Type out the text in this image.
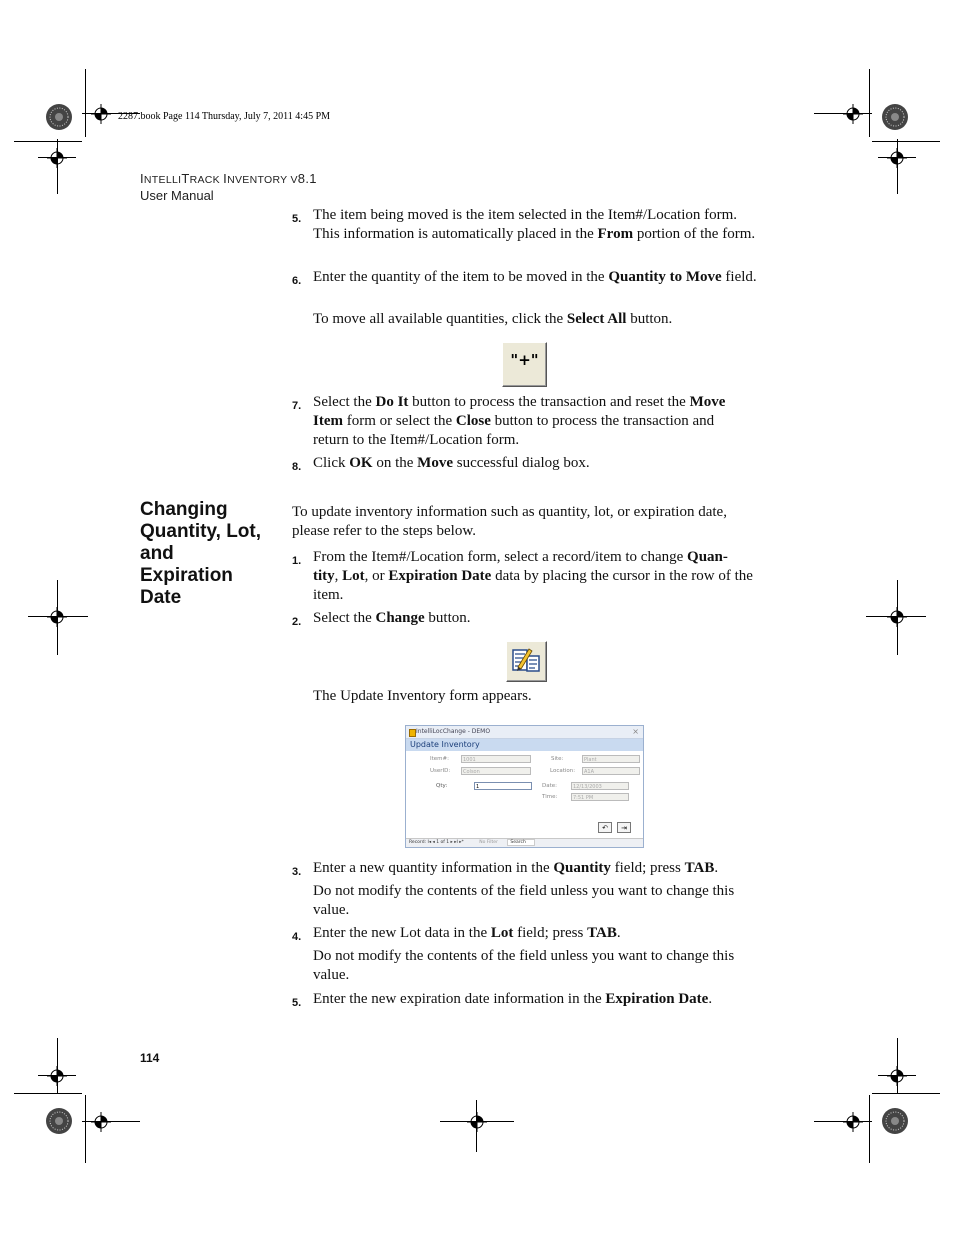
2287.book Page 114 Thursday, July 7, 2011 4:45 PM
INTELLITRACK INVENTORY V8.1
User Manual
5. The item being moved is the item selected in the Item#/Location form. This information is automatically placed in the From portion of the form.
6. Enter the quantity of the item to be moved in the Quantity to Move field.
To move all available quantities, click the Select All button.
"+"
7. Select the Do It button to process the transaction and reset the Move Item form or select the Close button to process the transaction and return to the Item#/Location form.
8. Click OK on the Move successful dialog box.
Changing
Quantity, Lot,
and
Expiration
Date
To update inventory information such as quantity, lot, or expiration date, please refer to the steps below.
1. From the Item#/Location form, select a record/item to change Quan-tity, Lot, or Expiration Date data by placing the cursor in the row of the item.
2. Select the Change button.
The Update Inventory form appears.
IntelliLocChange - DEMO	×
Update Inventory
Item#:	1001
UserID:	Colson
Qty:	1
Site:	Plant
Location:	A1A
Date:	12/13/2003
Time:	7:51 PM
↶	⇥
Record: I◂ ◂ 1 of 1 ▸ ▸I ▸*	No Filter	Search
3. Enter a new quantity information in the Quantity field; press TAB.
Do not modify the contents of the field unless you want to change this value.
4. Enter the new Lot data in the Lot field; press TAB.
Do not modify the contents of the field unless you want to change this value.
5. Enter the new expiration date information in the Expiration Date.
114
